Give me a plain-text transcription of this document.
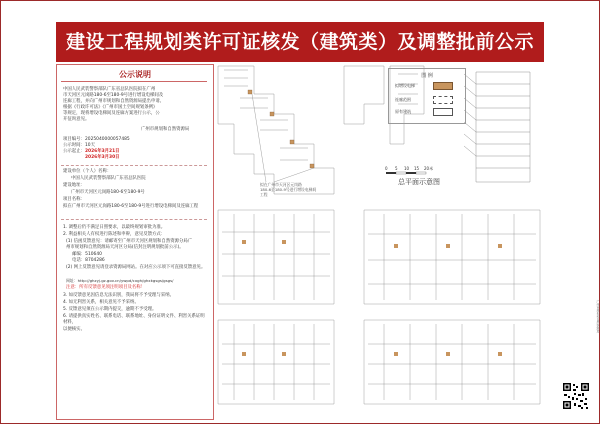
建设工程规划类许可证核发（建筑类）及调整批前公示
公示说明
中国人民武装警察部队广东省总队医院拟在广州
市天河区元岗路180-6至180-9号进行增设电梯间及
连廊工程，并向广州市规划和自然资源局提出申请。
根据《行政许可法》《广州市国土空间规划条例》
等规定，现将增设电梯间及连廊方案进行公示，公
开征询意见。
广州市规划和自然资源局
项目编号： 2025040000057485
公示时间： 10天
公示起止： 2026年3月21日
2026年3月30日
建设单位（个人）名称：
中国人民武装警察部队广东省总队医院
建设地址：
广州市天河区元岗路180-6至180-9号
项目名称：
拟在广州市天河区元岗路180-6至180-9号进行增设电梯间及连廊工程
1. 调整后仍不满足日照要求，以最终规划审批为准。
2. 利益相关人有权进行陈述和申辩，意见反馈方式：
(1) 信函反馈意见：请邮寄至广州市天河区规划和自然资源分局广
州市规划和自然资源局天河区分局(信封注明规划批前公示)。
邮编：510640
电话：8704286
(2) 网上反馈意见请登录资源局网站。在对应公示项下可直接反馈意见。
网址：http://ghzyj.gz.gov.cn/ywpd/cxgh/ghxkgsgs/gsgs/
注意：所有反馈意见须注明项目及名称！
3. 如反馈意见因信息无法识别，我局将不予受理与采纳。
4. 如无利害关系，相关意见不予采纳。
5. 反馈意见须在公示期内提交，逾期不予受理。
6. 请提供真实姓名、联系电话、联系地址、身份证明文件、利害关系证明材料，
以便核实。
拟在广州市天河区元岗路
180-6至180-9号进行增设电梯间
工程
0 5 10 15 20米
总平面示意图
图 例
拟增设电梯
连廊范围
原有建筑
广州市规划和自然资源局
